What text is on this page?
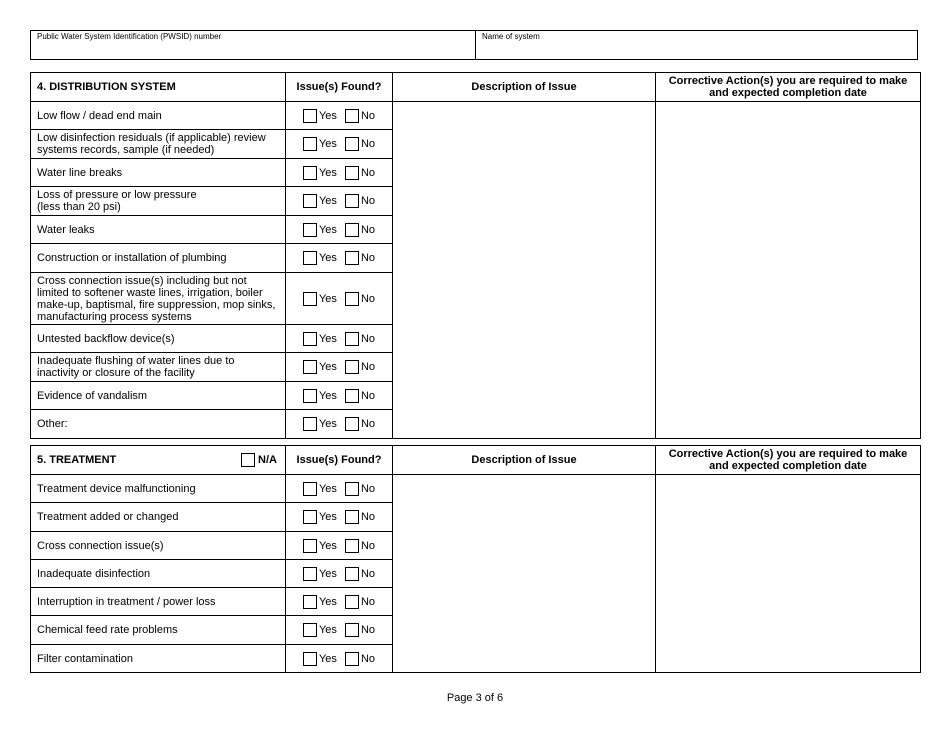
Public Water System Identification (PWSID) number	Name of system
4. DISTRIBUTION SYSTEM	Issue(s) Found?	Description of Issue	Corrective Action(s) you are required to make and expected completion date

Low flow / dead end main	Yes No		

Low disinfection residuals (if applicable) review systems records, sample (if needed)	Yes No		

Water line breaks	Yes No		

Loss of pressure or low pressure
(less than 20 psi)	Yes No		

Water leaks	Yes No		

Construction or installation of plumbing	Yes No		

Cross connection issue(s) including but not limited to softener waste lines, irrigation, boiler make-up, baptismal, fire suppression, mop sinks, manufacturing process systems	Yes No		

Untested backflow device(s)	Yes No		

Inadequate flushing of water lines due to inactivity or closure of the facility	Yes No		

Evidence of vandalism	Yes No		

Other:	Yes No		
5. TREATMENT N/A	Issue(s) Found?	Description of Issue	Corrective Action(s) you are required to make and expected completion date

Treatment device malfunctioning	Yes No		

Treatment added or changed	Yes No		

Cross connection issue(s)	Yes No		

Inadequate disinfection	Yes No		

Interruption in treatment / power loss	Yes No		

Chemical feed rate problems	Yes No		

Filter contamination	Yes No		
Page 3 of 6
